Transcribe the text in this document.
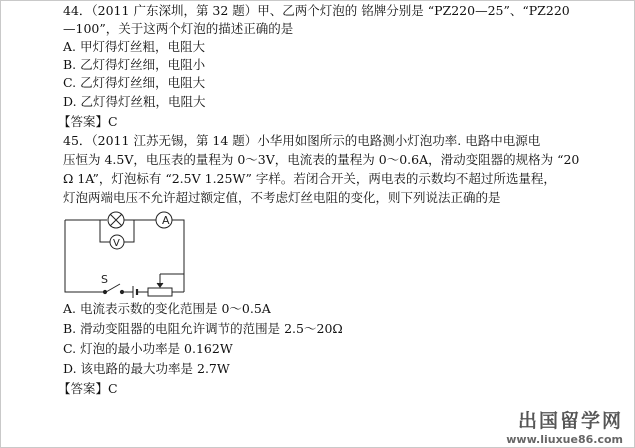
44．（2011 广东深圳，第 32 题）甲、乙两个灯泡的 铭牌分别是 “PZ220—25”、“PZ220
—100”，关于这两个灯泡的描述正确的是
A. 甲灯得灯丝粗，电阻大
B. 乙灯得灯丝细，电阻小
C. 乙灯得灯丝细，电阻大
D. 乙灯得灯丝粗，电阻大
【答案】C
45．（2011 江苏无锡，第 14 题）小华用如图所示的电路测小灯泡功率. 电路中电源电
压恒为 4.5V，电压表的量程为 0～3V，电流表的量程为 0～0.6A，滑动变阻器的规格为 “20
Ω 1A”，灯泡标有 “2.5V 1.25W” 字样。若闭合开关，两电表的示数均不超过所选量程，
灯泡两端电压不允许超过额定值，不考虑灯丝电阻的变化，则下列说法正确的是
A
V
S
A. 电流表示数的变化范围是 0～0.5A
B. 滑动变阻器的电阻允许调节的范围是 2.5～20Ω
C. 灯泡的最小功率是 0.162W
D. 该电路的最大功率是 2.7W
【答案】C
出国留学网
www.liuxue86.com
